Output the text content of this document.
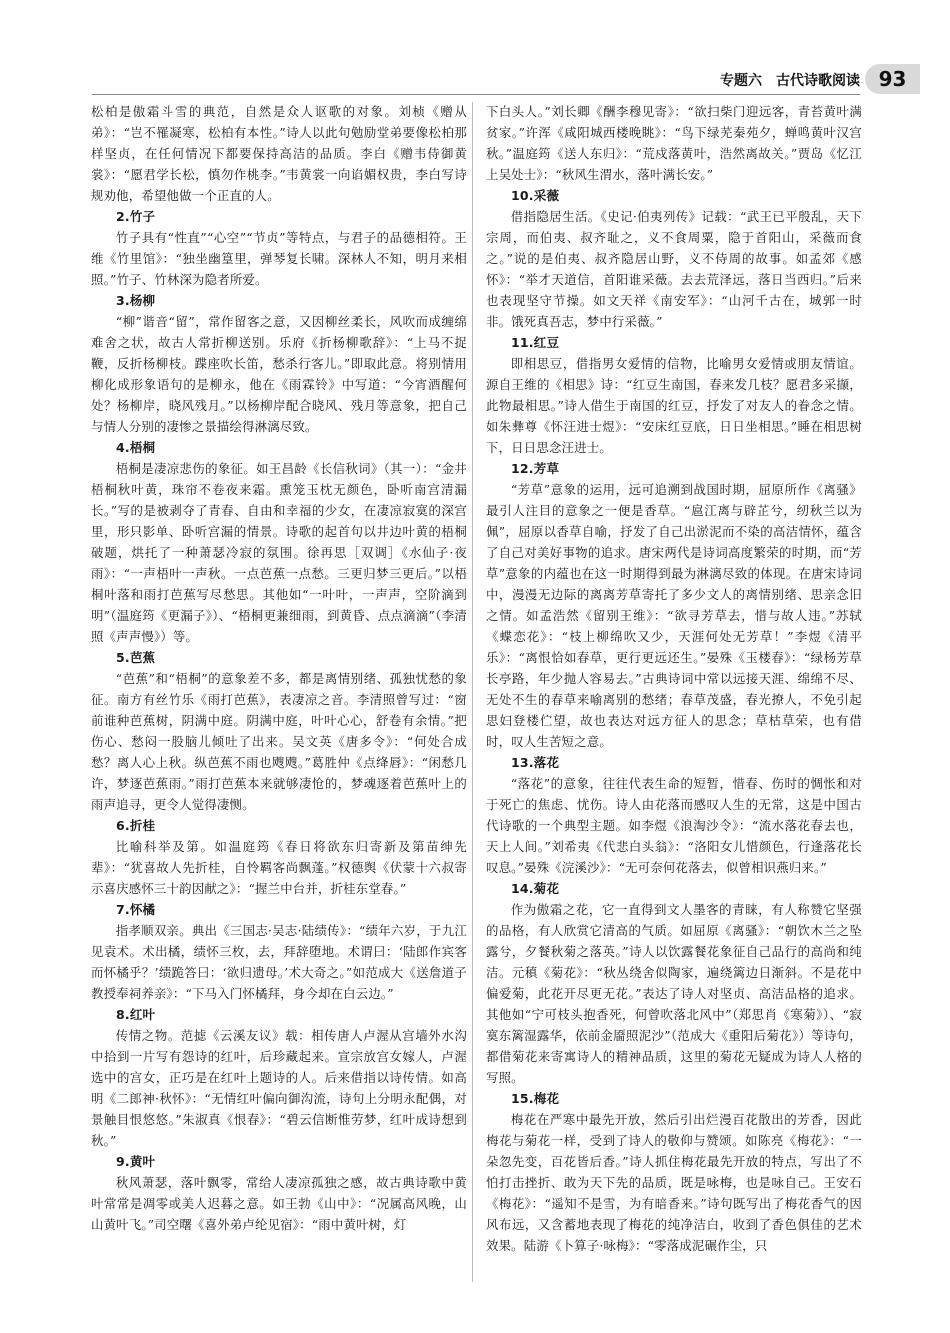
专题六　古代诗歌阅读 93

松柏是傲霜斗雪的典范，自然是众人讴歌的对象。刘桢《赠从弟》：“岂不罹凝寒，松柏有本性。”诗人以此句勉励堂弟要像松柏那样坚贞，在任何情况下都要保持高洁的品质。李白《赠韦侍御黄裳》：“愿君学长松，慎勿作桃李。”韦黄裳一向谄媚权贵，李白写诗规劝他，希望他做一个正直的人。

2.竹子

竹子具有“性直”“心空”“节贞”等特点，与君子的品德相符。王维《竹里馆》：“独坐幽篁里，弹琴复长啸。深林人不知，明月来相照。”竹子、竹林深为隐者所爱。

3.杨柳

“柳”谐音“留”，常作留客之意，又因柳丝柔长，风吹而成缠绵难舍之状，故古人常折柳送别。乐府《折杨柳歌辞》：“上马不捉鞭，反折杨柳枝。蹀座吹长笛，愁杀行客儿。”即取此意。将别情用柳化成形象语句的是柳永，他在《雨霖铃》中写道：“今宵酒醒何处？杨柳岸，晓风残月。”以杨柳岸配合晓风、残月等意象，把自己与情人分别的凄惨之景描绘得淋漓尽致。

4.梧桐

梧桐是凄凉悲伤的象征。如王昌龄《长信秋词》（其一）：“金井梧桐秋叶黄，珠帘不卷夜来霜。熏笼玉枕无颜色，卧听南宫清漏长。”写的是被剥夺了青春、自由和幸福的少女，在凄凉寂寞的深宫里，形只影单、卧听宫漏的情景。诗歌的起首句以井边叶黄的梧桐破题，烘托了一种萧瑟冷寂的氛围。徐再思［双调］《水仙子·夜雨》：“一声梧叶一声秋。一点芭蕉一点愁。三更归梦三更后。”以梧桐叶落和雨打芭蕉写尽愁思。其他如“一叶叶，一声声，空阶滴到明”（温庭筠《更漏子》）、“梧桐更兼细雨，到黄昏、点点滴滴”（李清照《声声慢》）等。

5.芭蕉

“芭蕉”和“梧桐”的意象差不多，都是离情别绪、孤独忧愁的象征。南方有丝竹乐《雨打芭蕉》，表凄凉之音。李清照曾写过：“窗前谁种芭蕉树，阴满中庭。阴满中庭，叶叶心心，舒卷有余情。”把伤心、愁闷一股脑儿倾吐了出来。吴文英《唐多令》：“何处合成愁？离人心上秋。纵芭蕉不雨也飕飕。”葛胜仲《点绛唇》：“闲愁几许，梦逐芭蕉雨。”雨打芭蕉本来就够凄怆的，梦魂逐着芭蕉叶上的雨声追寻，更令人觉得凄恻。

6.折桂

比喻科举及第。如温庭筠《春日将欲东归寄新及第苗绅先辈》：“犹喜故人先折桂，自怜羁客尚飘蓬。”权德舆《伏蒙十六叔寄示喜庆感怀三十韵因献之》：“握兰中台并，折桂东堂春。”

7.怀橘

指孝顺双亲。典出《三国志·吴志·陆绩传》：“绩年六岁，于九江见袁术。术出橘，绩怀三枚，去，拜辞堕地。术谓曰：‘陆郎作宾客而怀橘乎？’绩跪答曰：‘欲归遗母。’术大奇之。”如范成大《送詹道子教授奉祠养亲》：“下马入门怀橘拜，身今却在白云边。”

8.红叶

传情之物。范摅《云溪友议》载：相传唐人卢渥从宫墙外水沟中拾到一片写有怨诗的红叶，后珍藏起来。宣宗放宫女嫁人，卢渥选中的宫女，正巧是在红叶上题诗的人。后来借指以诗传情。如高明《二郎神·秋怀》：“无情红叶偏向御沟流，诗句上分明永配偶，对景触目恨悠悠。”朱淑真《恨春》：“碧云信断惟劳梦，红叶成诗想到秋。”

9.黄叶

秋风萧瑟，落叶飘零，常给人凄凉孤独之感，故古典诗歌中黄叶常常是凋零或美人迟暮之意。如王勃《山中》：“况属高风晚，山山黄叶飞。”司空曙《喜外弟卢纶见宿》：“雨中黄叶树，灯

下白头人。”刘长卿《酬李穆见寄》：“欲扫柴门迎远客，青苔黄叶满贫家。”许浑《咸阳城西楼晚眺》：“鸟下绿芜秦苑夕，蝉鸣黄叶汉宫秋。”温庭筠《送人东归》：“荒戍落黄叶，浩然离故关。”贾岛《忆江上吴处士》：“秋风生渭水，落叶满长安。”

10.采薇

借指隐居生活。《史记·伯夷列传》记载：“武王已平殷乱，天下宗周，而伯夷、叔齐耻之，义不食周粟，隐于首阳山，采薇而食之。”说的是伯夷、叔齐隐居山野，义不侍周的故事。如孟郊《感怀》：“举才天道信，首阳谁采薇。去去荒泽远，落日当西归。”后来也表现坚守节操。如文天祥《南安军》：“山河千古在，城郭一时非。饿死真吾志，梦中行采薇。”

11.红豆

即相思豆，借指男女爱情的信物，比喻男女爱情或朋友情谊。源自王维的《相思》诗：“红豆生南国，春来发几枝？愿君多采撷，此物最相思。”诗人借生于南国的红豆，抒发了对友人的眷念之情。如朱彝尊《怀汪进士煜》：“安床红豆底，日日坐相思。”睡在相思树下，日日思念汪进士。

12.芳草

“芳草”意象的运用，远可追溯到战国时期，屈原所作《离骚》最引人注目的意象之一便是香草。“扈江离与辟芷兮，纫秋兰以为佩”，屈原以香草自喻，抒发了自己出淤泥而不染的高洁情怀，蕴含了自己对美好事物的追求。唐宋两代是诗词高度繁荣的时期，而“芳草”意象的内蕴也在这一时期得到最为淋漓尽致的体现。在唐宋诗词中，漫漫无边际的离离芳草寄托了多少文人的离情别绪、思亲念旧之情。如孟浩然《留别王维》：“欲寻芳草去，惜与故人违。”苏轼《蝶恋花》：“枝上柳绵吹又少，天涯何处无芳草！”李煜《清平乐》：“离恨恰如春草，更行更远还生。”晏殊《玉楼春》：“绿杨芳草长亭路，年少抛人容易去。”古典诗词中常以远接天涯、绵绵不尽、无处不生的春草来喻离别的愁绪；春草茂盛，春光撩人，不免引起思妇登楼伫望，故也表达对远方征人的思念；草枯草荣，也有借时，叹人生苦短之意。

13.落花

“落花”的意象，往往代表生命的短暂，惜春、伤时的惆怅和对于死亡的焦虑、忧伤。诗人由花落而感叹人生的无常，这是中国古代诗歌的一个典型主题。如李煜《浪淘沙令》：“流水落花春去也，天上人间。”刘希夷《代悲白头翁》：“洛阳女儿惜颜色，行逢落花长叹息。”晏殊《浣溪沙》：“无可奈何花落去，似曾相识燕归来。”

14.菊花

作为傲霜之花，它一直得到文人墨客的青睐，有人称赞它坚强的品格，有人欣赏它清高的气质。如屈原《离骚》：“朝饮木兰之坠露兮，夕餐秋菊之落英。”诗人以饮露餐花象征自己品行的高尚和纯洁。元稹《菊花》：“秋丛绕舍似陶家，遍绕篱边日渐斜。不是花中偏爱菊，此花开尽更无花。”表达了诗人对坚贞、高洁品格的追求。其他如“宁可枝头抱香死，何曾吹落北风中”（郑思肖《寒菊》）、“寂寞东篱湿露华，依前金靥照泥沙”（范成大《重阳后菊花》）等诗句，都借菊花来寄寓诗人的精神品质，这里的菊花无疑成为诗人人格的写照。

15.梅花

梅花在严寒中最先开放，然后引出烂漫百花散出的芳香，因此梅花与菊花一样，受到了诗人的敬仰与赞颂。如陈亮《梅花》：“一朵忽先变，百花皆后香。”诗人抓住梅花最先开放的特点，写出了不怕打击挫折、敢为天下先的品质，既是咏梅，也是咏自己。王安石《梅花》：“遥知不是雪，为有暗香来。”诗句既写出了梅花香气的因风布远，又含蓄地表现了梅花的纯净洁白，收到了香色俱佳的艺术效果。陆游《卜算子·咏梅》：“零落成泥碾作尘，只
